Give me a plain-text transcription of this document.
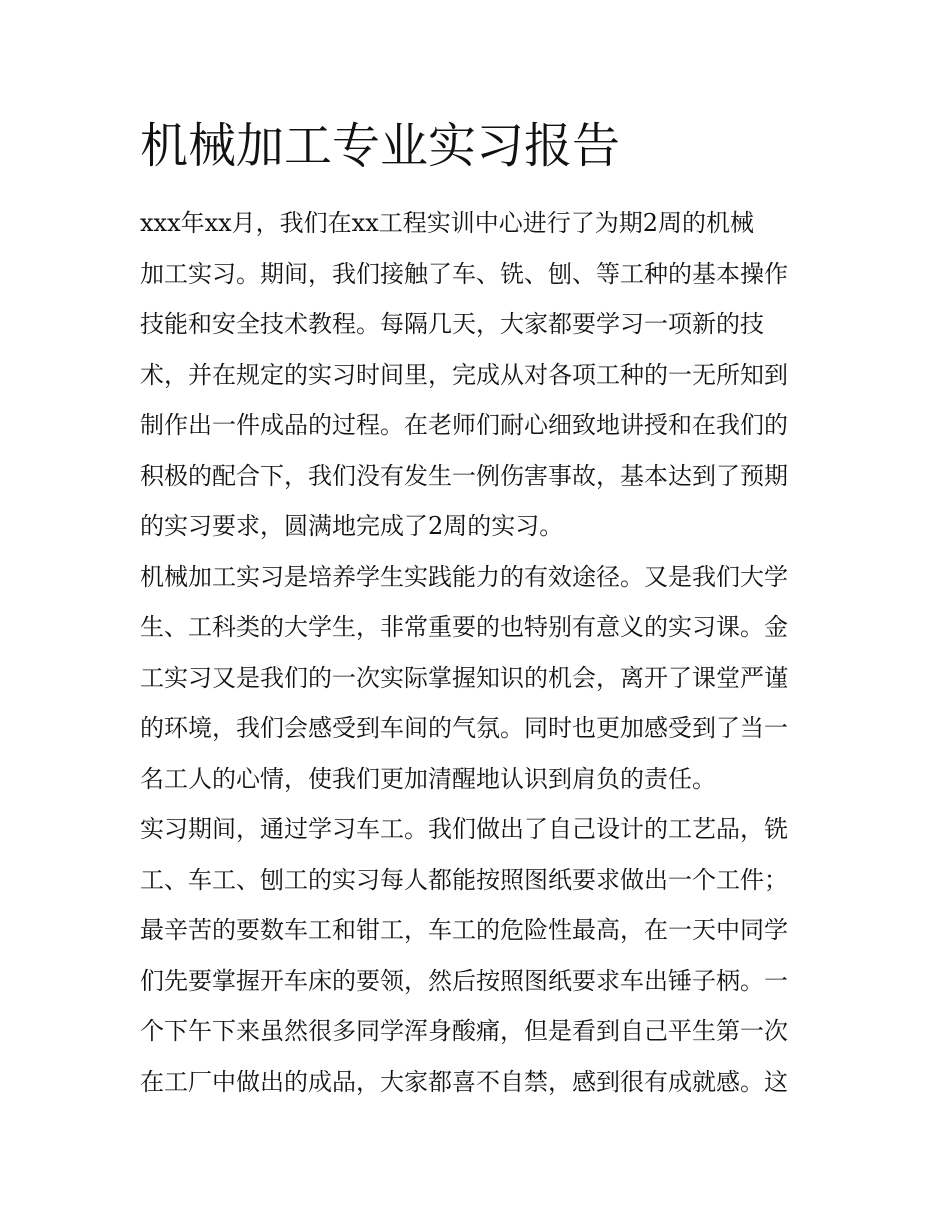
机械加工专业实习报告
xxx年xx月，我们在xx工程实训中心进行了为期2周的机械
加工实习。期间，我们接触了车、铣、刨、等工种的基本操作
技能和安全技术教程。每隔几天，大家都要学习一项新的技
术，并在规定的实习时间里，完成从对各项工种的一无所知到
制作出一件成品的过程。在老师们耐心细致地讲授和在我们的
积极的配合下，我们没有发生一例伤害事故，基本达到了预期
的实习要求，圆满地完成了2周的实习。
机械加工实习是培养学生实践能力的有效途径。又是我们大学
生、工科类的大学生，非常重要的也特别有意义的实习课。金
工实习又是我们的一次实际掌握知识的机会，离开了课堂严谨
的环境，我们会感受到车间的气氛。同时也更加感受到了当一
名工人的心情，使我们更加清醒地认识到肩负的责任。
实习期间，通过学习车工。我们做出了自己设计的工艺品，铣
工、车工、刨工的实习每人都能按照图纸要求做出一个工件；
最辛苦的要数车工和钳工，车工的危险性最高，在一天中同学
们先要掌握开车床的要领，然后按照图纸要求车出锤子柄。一
个下午下来虽然很多同学浑身酸痛，但是看到自己平生第一次
在工厂中做出的成品，大家都喜不自禁，感到很有成就感。这
